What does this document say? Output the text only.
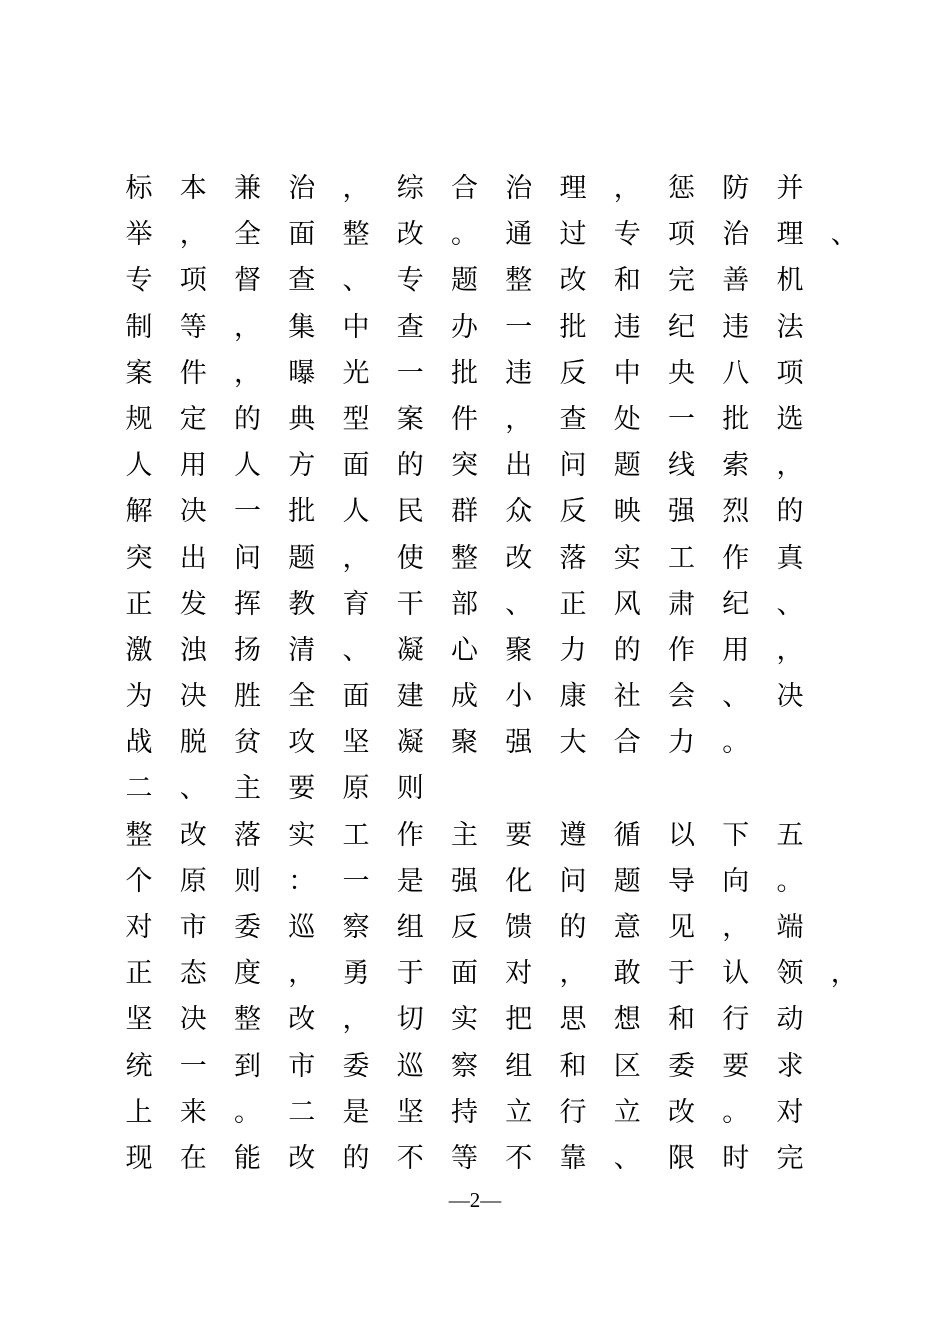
标 本 兼 治 ， 综 合 治 理 ， 惩 防 并
举 ， 全 面 整 改 。 通 过 专 项 治 理 、
专 项 督 查 、 专 题 整 改 和 完 善 机
制 等 ， 集 中 查 办 一 批 违 纪 违 法
案 件 ， 曝 光 一 批 违 反 中 央 八 项
规 定 的 典 型 案 件 ， 查 处 一 批 选
人 用 人 方 面 的 突 出 问 题 线 索 ，
解 决 一 批 人 民 群 众 反 映 强 烈 的
突 出 问 题 ， 使 整 改 落 实 工 作 真
正 发 挥 教 育 干 部 、 正 风 肃 纪 、
激 浊 扬 清 、 凝 心 聚 力 的 作 用 ，
为 决 胜 全 面 建 成 小 康 社 会 、 决
战 脱 贫 攻 坚 凝 聚 强 大 合 力 。
二 、 主 要 原 则
整 改 落 实 工 作 主 要 遵 循 以 下 五
个 原 则 ： 一 是 强 化 问 题 导 向 。
对 市 委 巡 察 组 反 馈 的 意 见 ， 端
正 态 度 ， 勇 于 面 对 ， 敢 于 认 领 ，
坚 决 整 改 ， 切 实 把 思 想 和 行 动
统 一 到 市 委 巡 察 组 和 区 委 要 求
上 来 。 二 是 坚 持 立 行 立 改 。 对
现 在 能 改 的 不 等 不 靠 、 限 时 完
—2—
